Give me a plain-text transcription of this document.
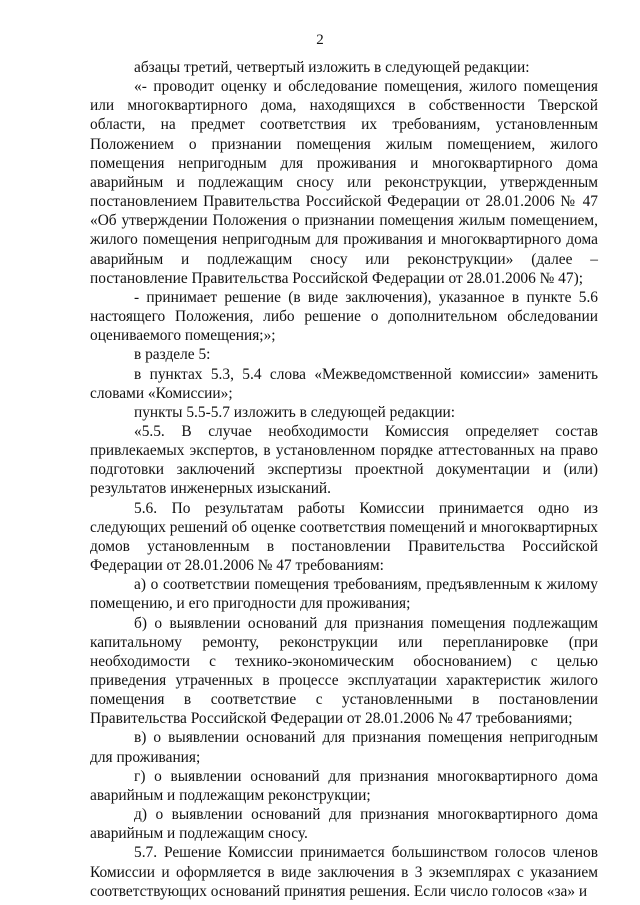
2

абзацы третий, четвертый изложить в следующей редакции:

«- проводит оценку и обследование помещения, жилого помещения или многоквартирного дома, находящихся в собственности Тверской области, на предмет соответствия их требованиям, установленным Положением о признании помещения жилым помещением, жилого помещения непригодным для проживания и многоквартирного дома аварийным и подлежащим сносу или реконструкции, утвержденным постановлением Правительства Российской Федерации от 28.01.2006 № 47 «Об утверждении Положения о признании помещения жилым помещением, жилого помещения непригодным для проживания и многоквартирного дома аварийным и подлежащим сносу или реконструкции» (далее – постановление Правительства Российской Федерации от 28.01.2006 № 47);

- принимает решение (в виде заключения), указанное в пункте 5.6 настоящего Положения, либо решение о дополнительном обследовании оцениваемого помещения;»;

в разделе 5:

в пунктах 5.3, 5.4 слова «Межведомственной комиссии» заменить словами «Комиссии»;

пункты 5.5-5.7 изложить в следующей редакции:

«5.5. В случае необходимости Комиссия определяет состав привлекаемых экспертов, в установленном порядке аттестованных на право подготовки заключений экспертизы проектной документации и (или) результатов инженерных изысканий.

5.6. По результатам работы Комиссии принимается одно из следующих решений об оценке соответствия помещений и многоквартирных домов установленным в постановлении Правительства Российской Федерации от 28.01.2006 № 47 требованиям:

а) о соответствии помещения требованиям, предъявленным к жилому помещению, и его пригодности для проживания;

б) о выявлении оснований для признания помещения подлежащим капитальному ремонту, реконструкции или перепланировке (при необходимости с технико-экономическим обоснованием) с целью приведения утраченных в процессе эксплуатации характеристик жилого помещения в соответствие с установленными в постановлении Правительства Российской Федерации от 28.01.2006 № 47 требованиями;

в) о выявлении оснований для признания помещения непригодным для проживания;

г) о выявлении оснований для признания многоквартирного дома аварийным и подлежащим реконструкции;

д) о выявлении оснований для признания многоквартирного дома аварийным и подлежащим сносу.

5.7. Решение Комиссии принимается большинством голосов членов Комиссии и оформляется в виде заключения в 3 экземплярах с указанием соответствующих оснований принятия решения. Если число голосов «за» и
